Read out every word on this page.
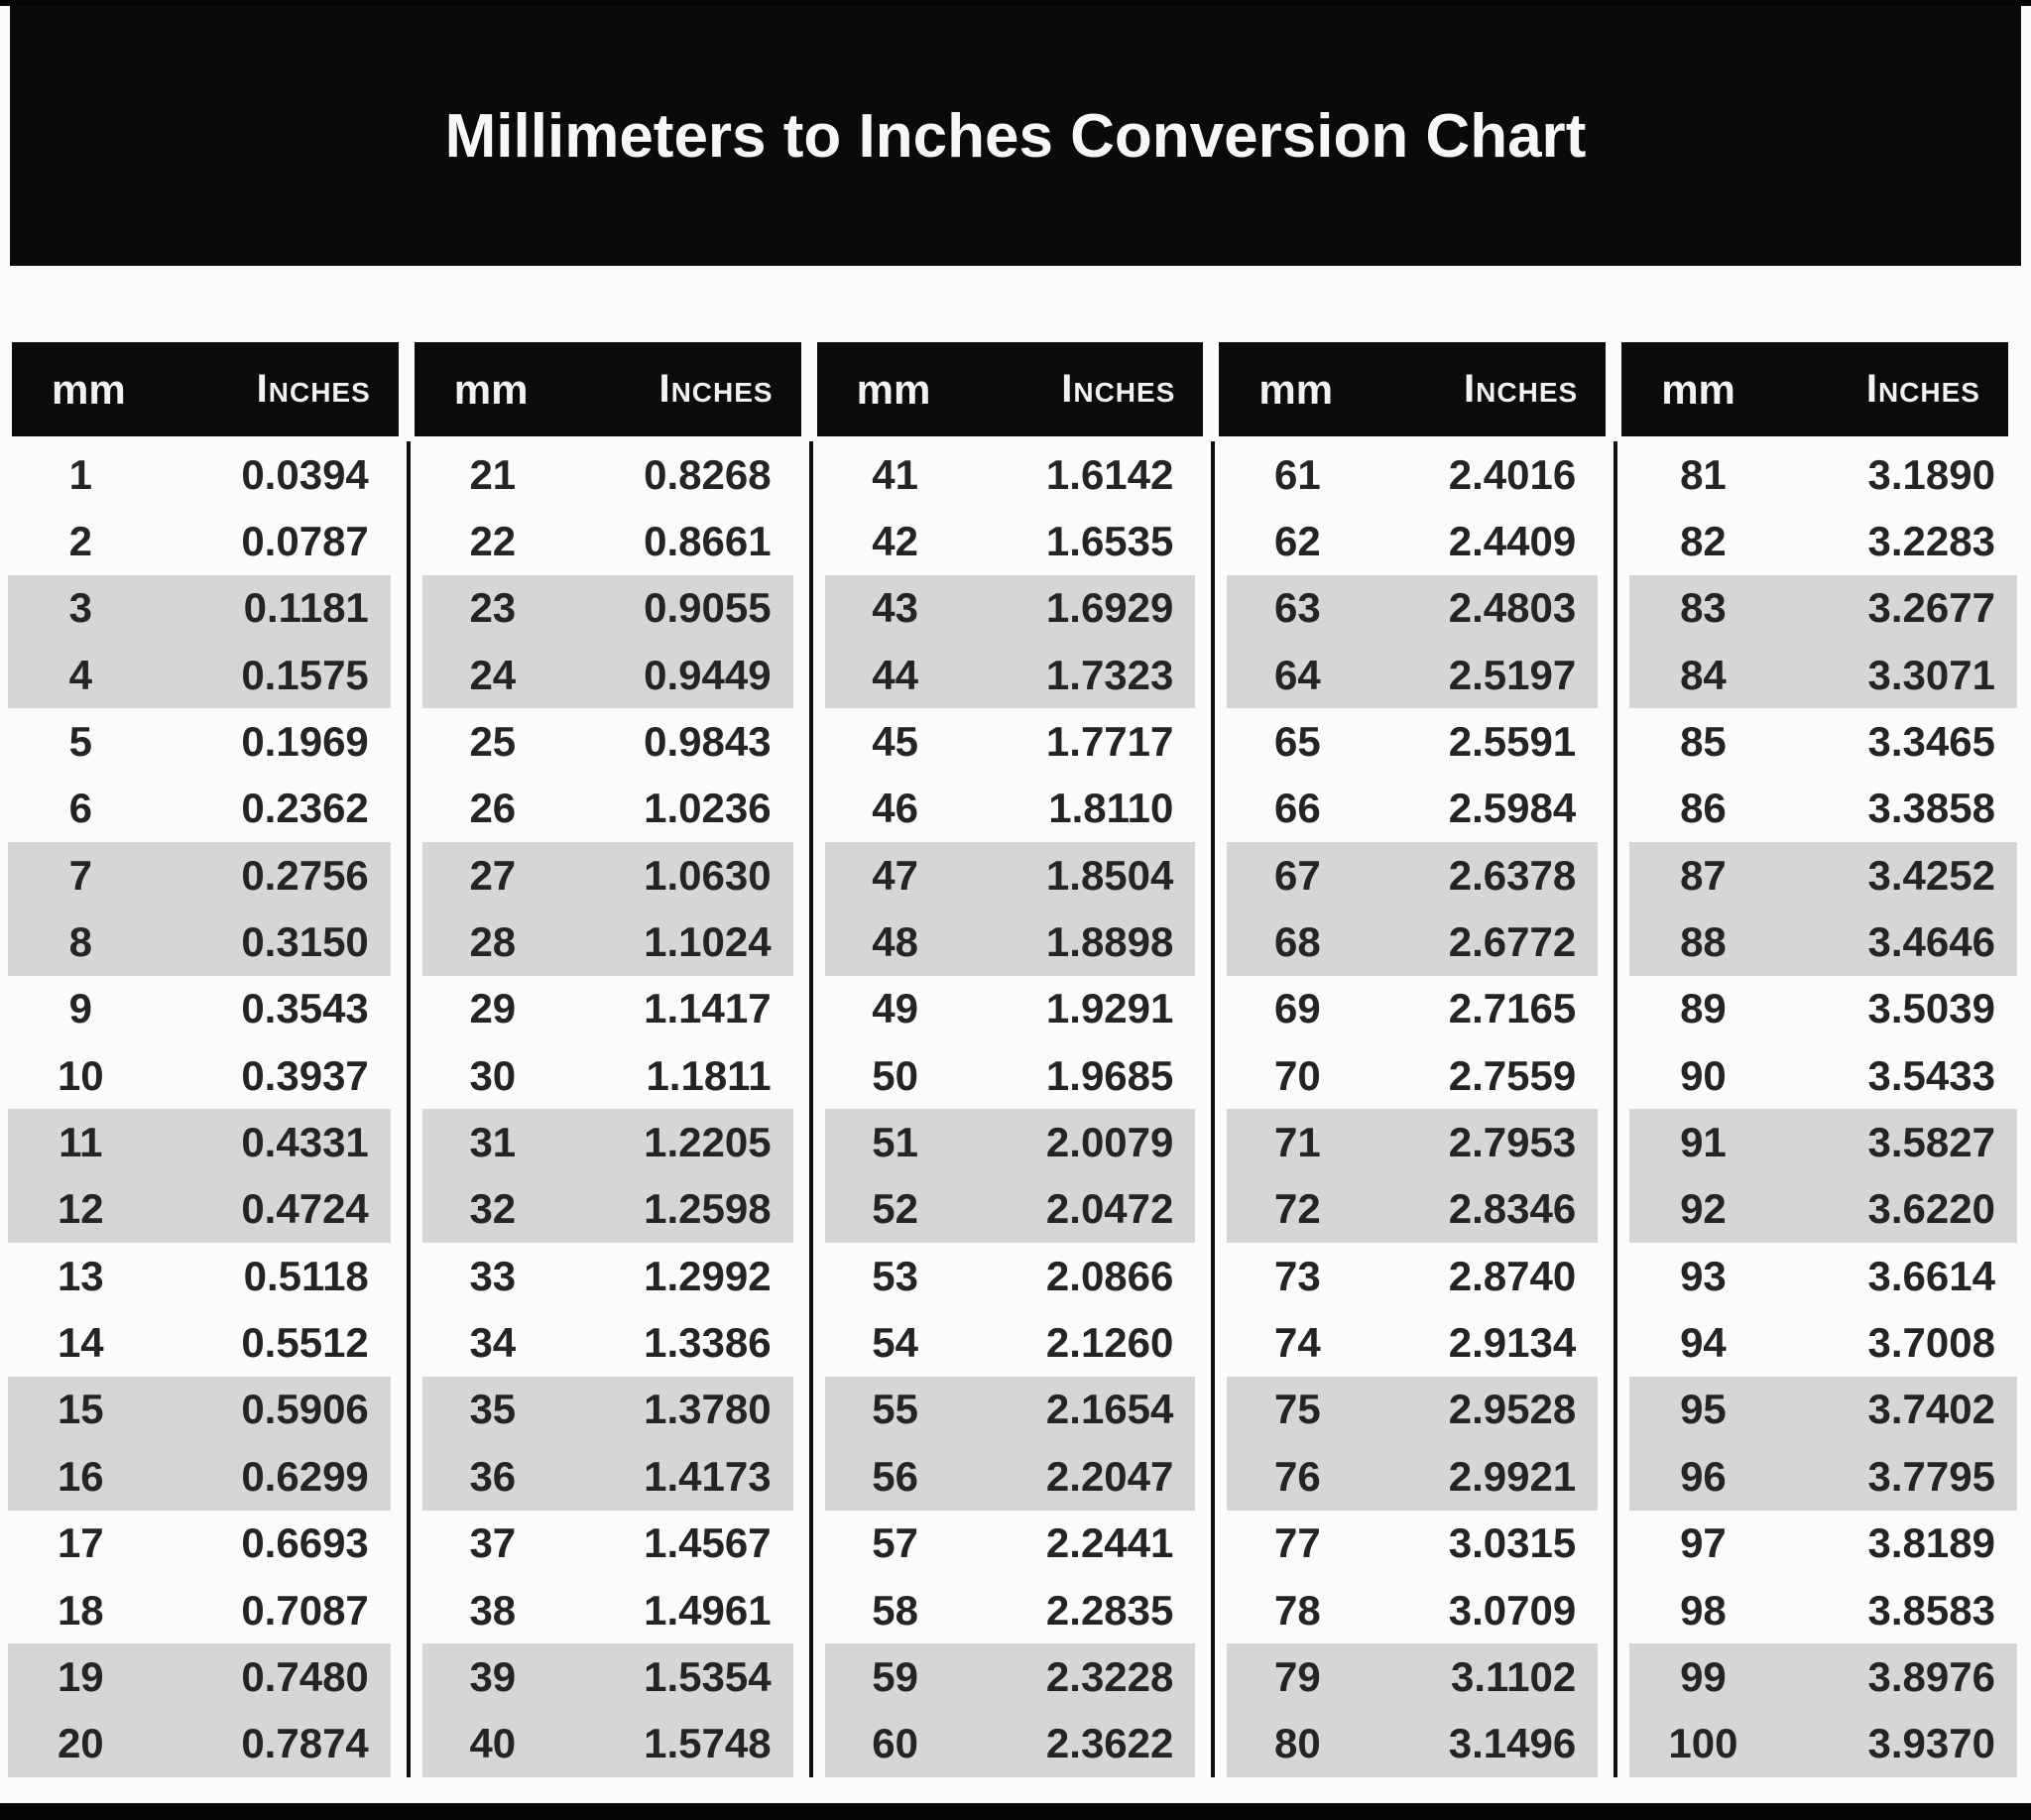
Millimeters to Inches Conversion Chart
mm	Inches
1	0.0394
2	0.0787
3	0.1181
4	0.1575
5	0.1969
6	0.2362
7	0.2756
8	0.3150
9	0.3543
10	0.3937
11	0.4331
12	0.4724
13	0.5118
14	0.5512
15	0.5906
16	0.6299
17	0.6693
18	0.7087
19	0.7480
20	0.7874
mm	Inches
21	0.8268
22	0.8661
23	0.9055
24	0.9449
25	0.9843
26	1.0236
27	1.0630
28	1.1024
29	1.1417
30	1.1811
31	1.2205
32	1.2598
33	1.2992
34	1.3386
35	1.3780
36	1.4173
37	1.4567
38	1.4961
39	1.5354
40	1.5748
mm	Inches
41	1.6142
42	1.6535
43	1.6929
44	1.7323
45	1.7717
46	1.8110
47	1.8504
48	1.8898
49	1.9291
50	1.9685
51	2.0079
52	2.0472
53	2.0866
54	2.1260
55	2.1654
56	2.2047
57	2.2441
58	2.2835
59	2.3228
60	2.3622
mm	Inches
61	2.4016
62	2.4409
63	2.4803
64	2.5197
65	2.5591
66	2.5984
67	2.6378
68	2.6772
69	2.7165
70	2.7559
71	2.7953
72	2.8346
73	2.8740
74	2.9134
75	2.9528
76	2.9921
77	3.0315
78	3.0709
79	3.1102
80	3.1496
mm	Inches
81	3.1890
82	3.2283
83	3.2677
84	3.3071
85	3.3465
86	3.3858
87	3.4252
88	3.4646
89	3.5039
90	3.5433
91	3.5827
92	3.6220
93	3.6614
94	3.7008
95	3.7402
96	3.7795
97	3.8189
98	3.8583
99	3.8976
100	3.9370
